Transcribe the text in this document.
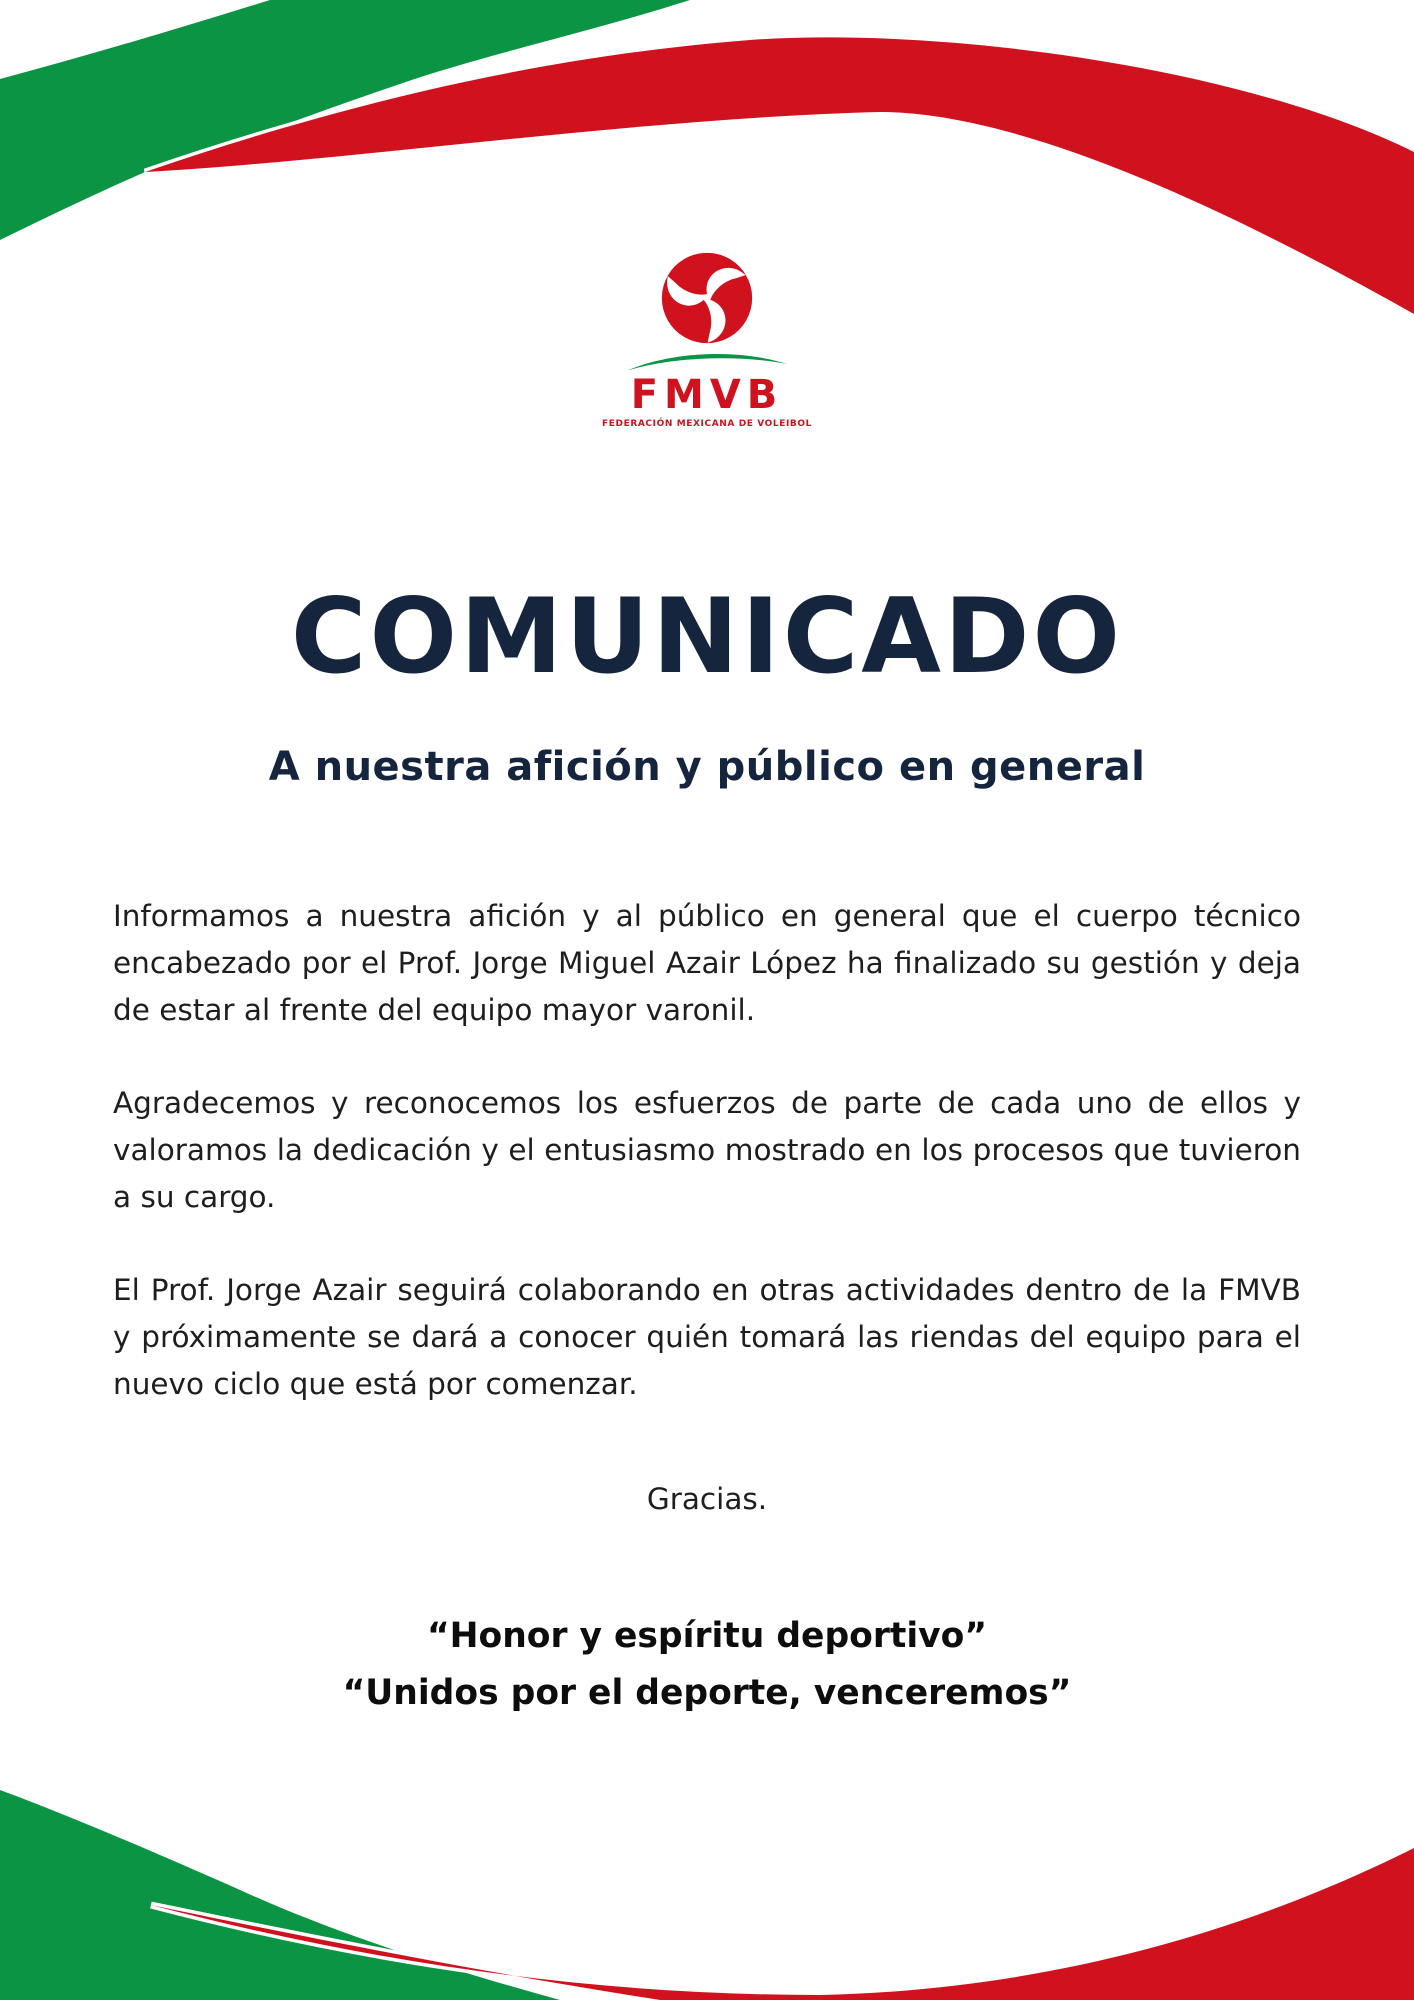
FMVB
FEDERACIÓN MEXICANA DE VOLEIBOL
COMUNICADO
A nuestra afición y público en general

Informamos a nuestra afición y al público en general que el cuerpo técnico encabezado por el Prof. Jorge Miguel Azair López ha finalizado su gestión y deja de estar al frente del equipo mayor varonil.

Agradecemos y reconocemos los esfuerzos de parte de cada uno de ellos y valoramos la dedicación y el entusiasmo mostrado en los procesos que tuvieron a su cargo.

El Prof. Jorge Azair seguirá colaborando en otras actividades dentro de la FMVB y próximamente se dará a conocer quién tomará las riendas del equipo para el nuevo ciclo que está por comenzar.

Gracias.
“Honor y espíritu deportivo”
“Unidos por el deporte, venceremos”
